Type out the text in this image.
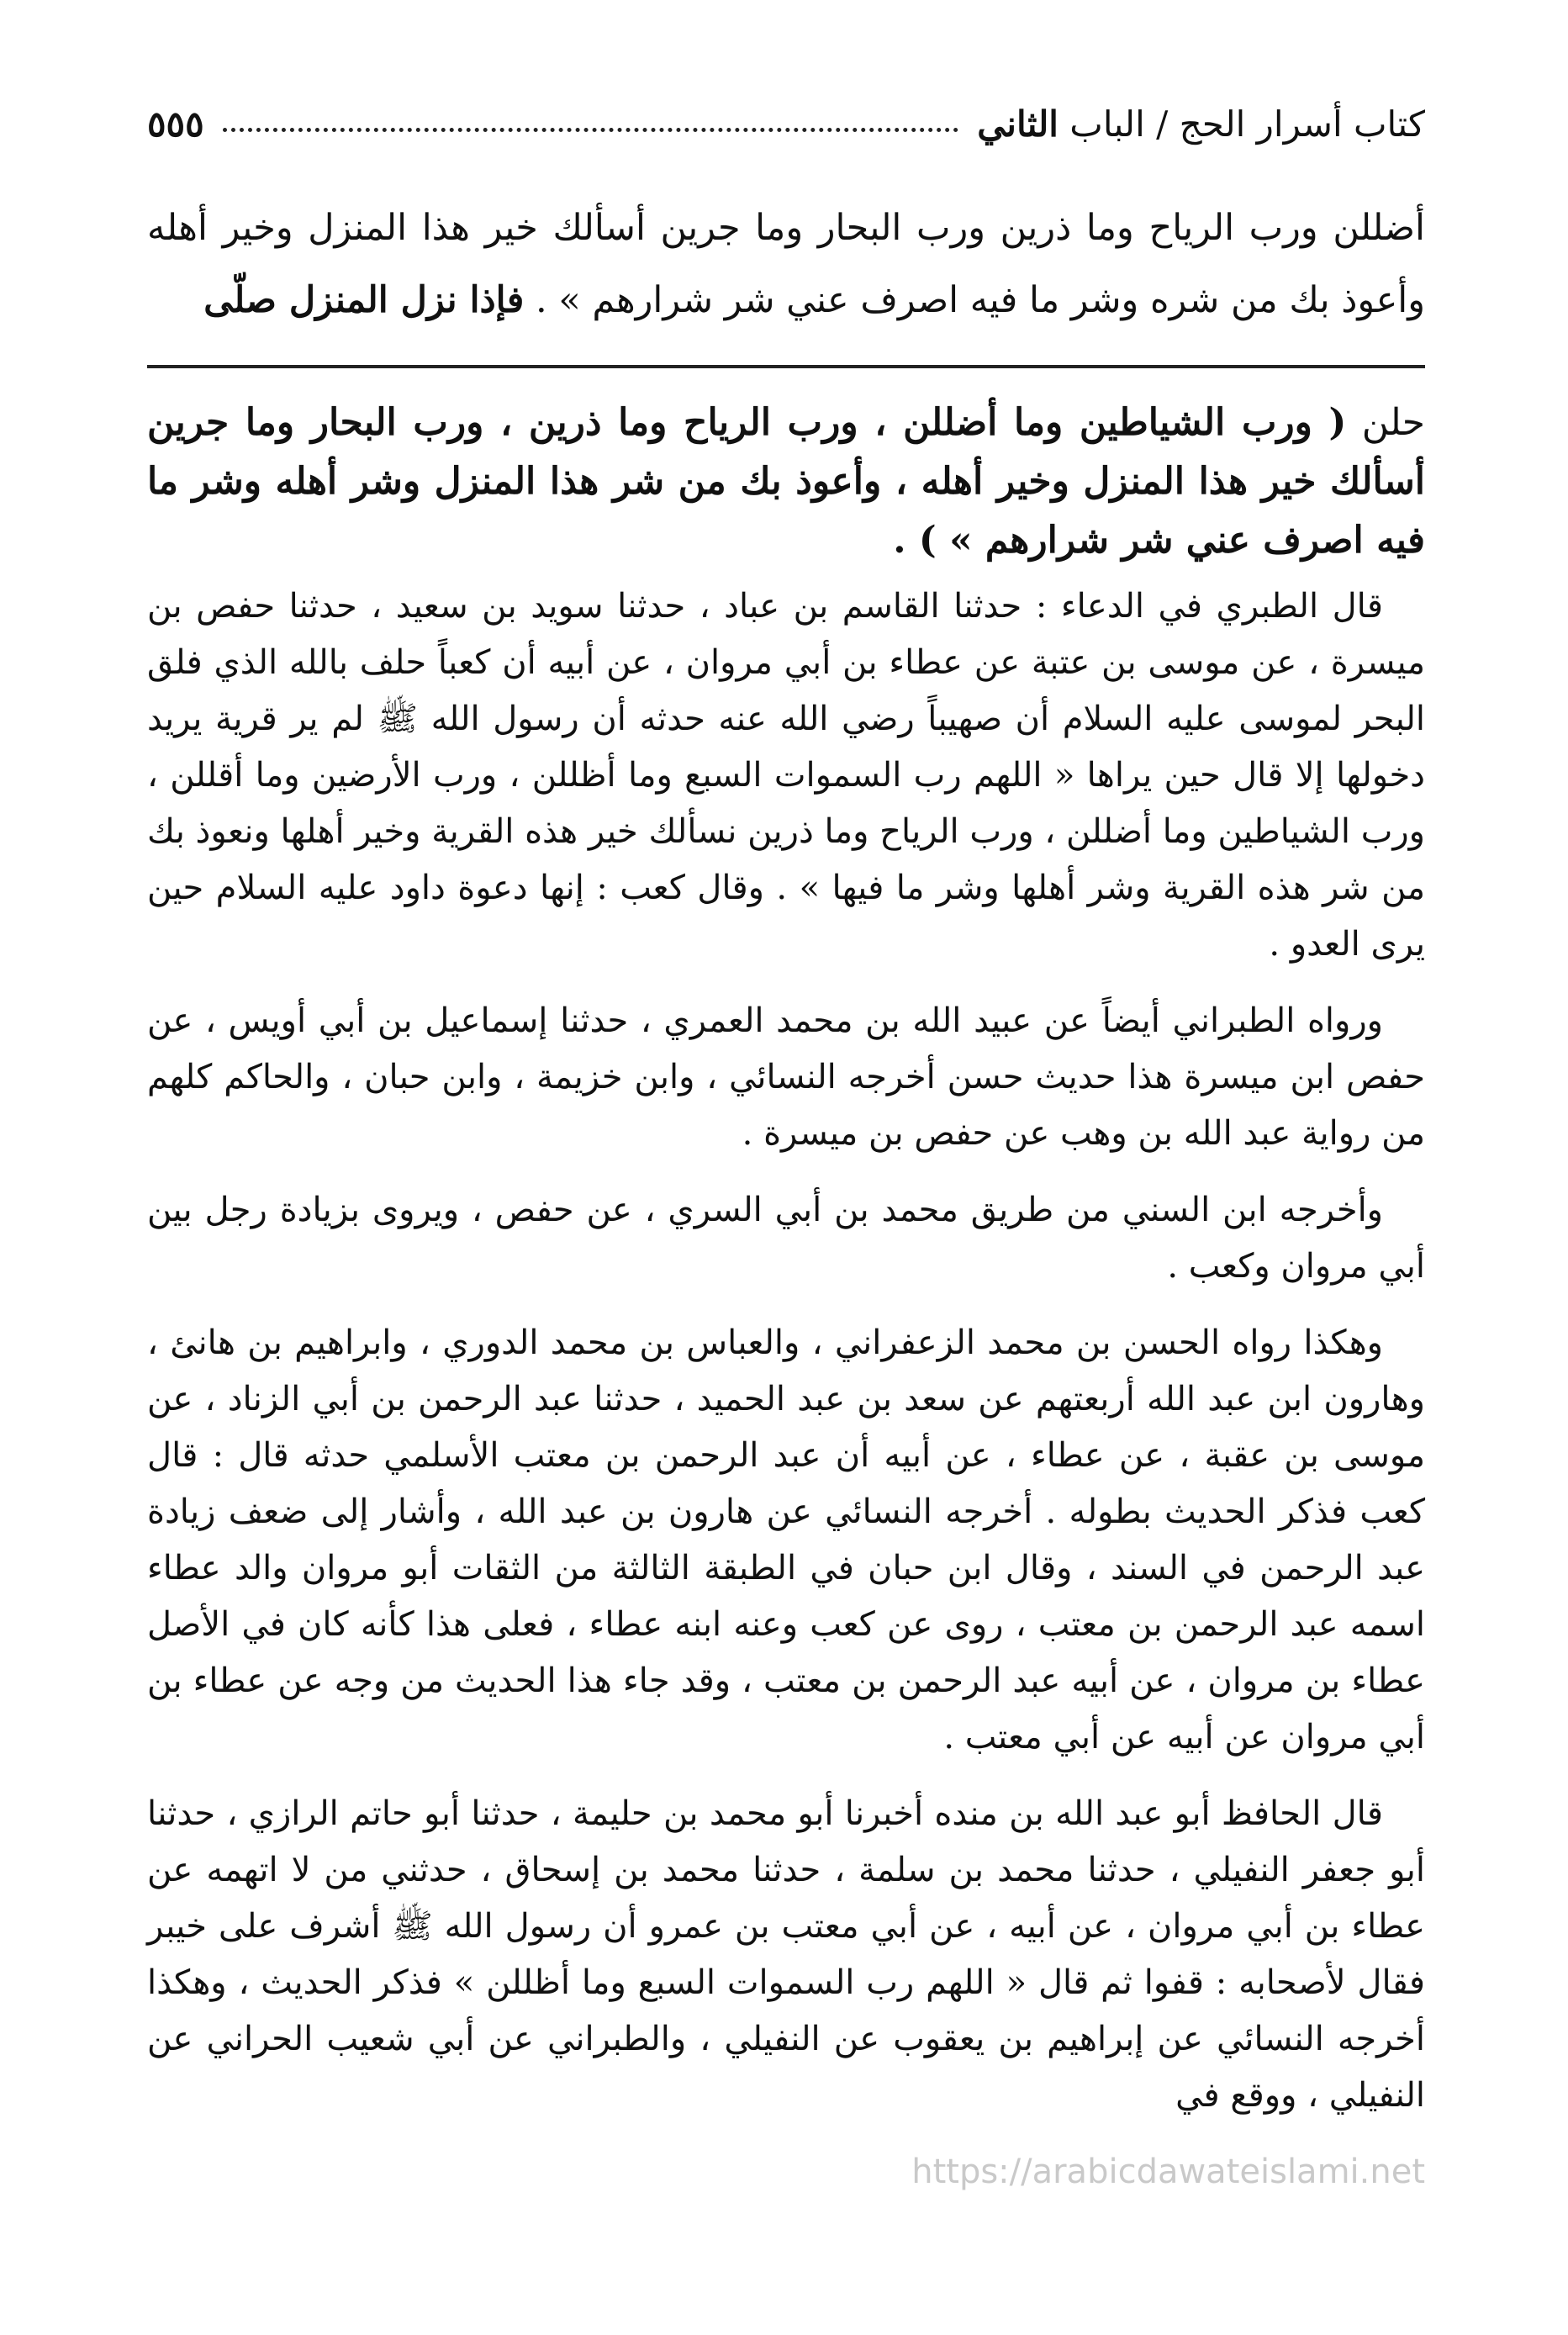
كتاب أسرار الحج / الباب الثاني
٥٥٥
أضللن ورب الرياح وما ذرين ورب البحار وما جرين أسألك خير هذا المنزل وخير أهله وأعوذ بك من شره وشر ما فيه اصرف عني شر شرارهم » . فإذا نزل المنزل صلّى

حلن ( ورب الشياطين وما أضللن ، ورب الرياح وما ذرين ، ورب البحار وما جرين أسألك خير هذا المنزل وخير أهله ، وأعوذ بك من شر هذا المنزل وشر أهله وشر ما فيه اصرف عني شر شرارهم » ) .

قال الطبري في الدعاء : حدثنا القاسم بن عباد ، حدثنا سويد بن سعيد ، حدثنا حفص بن ميسرة ، عن موسى بن عتبة عن عطاء بن أبي مروان ، عن أبيه أن كعباً حلف بالله الذي فلق البحر لموسى عليه السلام أن صهيباً رضي الله عنه حدثه أن رسول الله ﷺ لم ير قرية يريد دخولها إلا قال حين يراها « اللهم رب السموات السبع وما أظللن ، ورب الأرضين وما أقللن ، ورب الشياطين وما أضللن ، ورب الرياح وما ذرين نسألك خير هذه القرية وخير أهلها ونعوذ بك من شر هذه القرية وشر أهلها وشر ما فيها » . وقال كعب : إنها دعوة داود عليه السلام حين يرى العدو .

ورواه الطبراني أيضاً عن عبيد الله بن محمد العمري ، حدثنا إسماعيل بن أبي أويس ، عن حفص ابن ميسرة هذا حديث حسن أخرجه النسائي ، وابن خزيمة ، وابن حبان ، والحاكم كلهم من رواية عبد الله بن وهب عن حفص بن ميسرة .

وأخرجه ابن السني من طريق محمد بن أبي السري ، عن حفص ، ويروى بزيادة رجل بين أبي مروان وكعب .

وهكذا رواه الحسن بن محمد الزعفراني ، والعباس بن محمد الدوري ، وابراهيم بن هانئ ، وهارون ابن عبد الله أربعتهم عن سعد بن عبد الحميد ، حدثنا عبد الرحمن بن أبي الزناد ، عن موسى بن عقبة ، عن عطاء ، عن أبيه أن عبد الرحمن بن معتب الأسلمي حدثه قال : قال كعب فذكر الحديث بطوله . أخرجه النسائي عن هارون بن عبد الله ، وأشار إلى ضعف زيادة عبد الرحمن في السند ، وقال ابن حبان في الطبقة الثالثة من الثقات أبو مروان والد عطاء اسمه عبد الرحمن بن معتب ، روى عن كعب وعنه ابنه عطاء ، فعلى هذا كأنه كان في الأصل عطاء بن مروان ، عن أبيه عبد الرحمن بن معتب ، وقد جاء هذا الحديث من وجه عن عطاء بن أبي مروان عن أبيه عن أبي معتب .

قال الحافظ أبو عبد الله بن منده أخبرنا أبو محمد بن حليمة ، حدثنا أبو حاتم الرازي ، حدثنا أبو جعفر النفيلي ، حدثنا محمد بن سلمة ، حدثنا محمد بن إسحاق ، حدثني من لا اتهمه عن عطاء بن أبي مروان ، عن أبيه ، عن أبي معتب بن عمرو أن رسول الله ﷺ أشرف على خيبر فقال لأصحابه : قفوا ثم قال « اللهم رب السموات السبع وما أظللن » فذكر الحديث ، وهكذا أخرجه النسائي عن إبراهيم بن يعقوب عن النفيلي ، والطبراني عن أبي شعيب الحراني عن النفيلي ، ووقع في

https://arabicdawateislami.net
